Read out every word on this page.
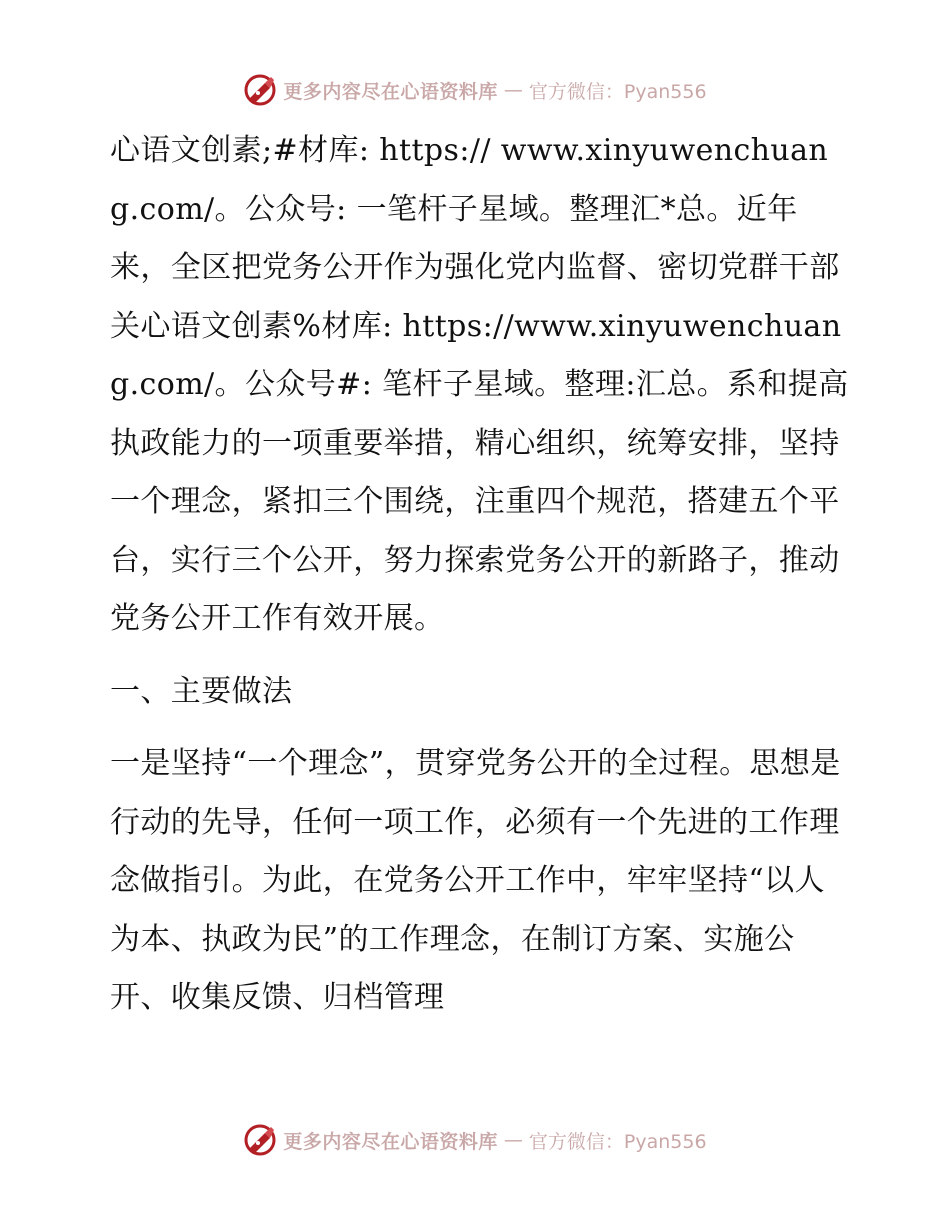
更多内容尽在心语资料库 — 官方微信：Pyan556

心语文创素;#材库: https:// www.xinyuwenchuang.com/。公众号: 一笔杆子星域。整理汇*总。近年来，全区把党务公开作为强化党内监督、密切党群干部关心语文创素%材库: https://www.xinyuwenchuang.com/。公众号#: 笔杆子星域。整理:汇总。系和提高执政能力的一项重要举措，精心组织，统筹安排，坚持一个理念，紧扣三个围绕，注重四个规范，搭建五个平台，实行三个公开，努力探索党务公开的新路子，推动党务公开工作有效开展。

一、主要做法

一是坚持“一个理念”，贯穿党务公开的全过程。思想是行动的先导，任何一项工作，必须有一个先进的工作理念做指引。为此，在党务公开工作中，牢牢坚持“以人为本、执政为民”的工作理念，在制订方案、实施公开、收集反馈、归档管理

更多内容尽在心语资料库 — 官方微信：Pyan556
